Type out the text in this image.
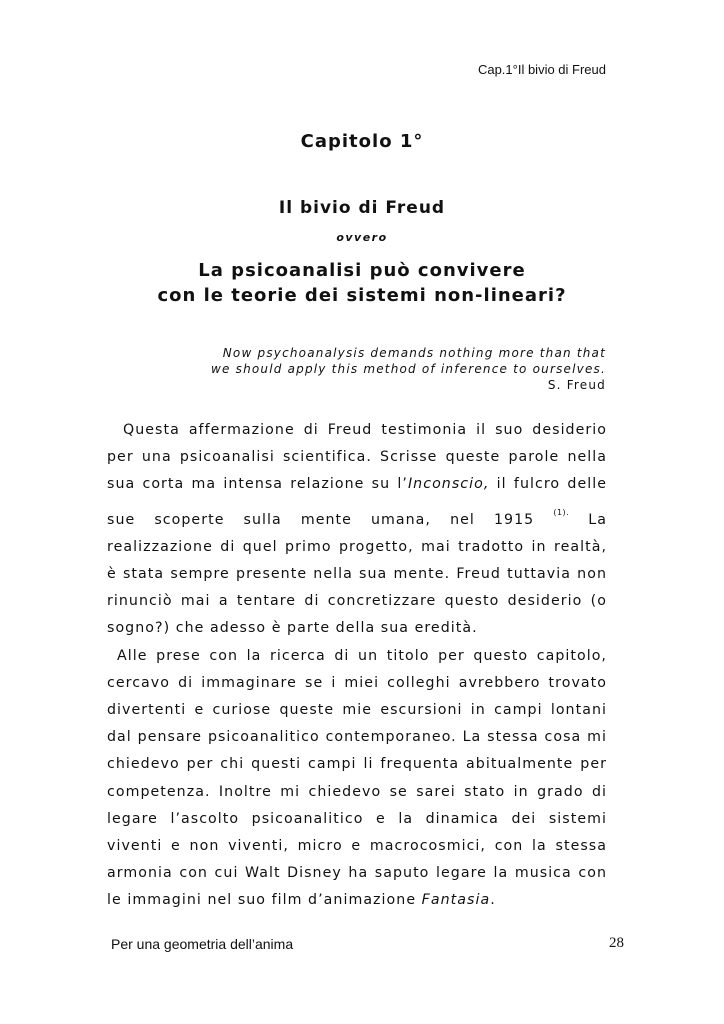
Cap.1°Il bivio di Freud
Capitolo 1°
Il bivio di Freud
ovvero
La psicoanalisi può convivere
con le teorie dei sistemi non-lineari?
Now psychoanalysis demands nothing more than that
we should apply this method of inference to ourselves.
S. Freud

Questa affermazione di Freud testimonia il suo desiderio per una psicoanalisi scientifica. Scrisse queste parole nella sua corta ma intensa relazione su l’Inconscio, il fulcro delle sue scoperte sulla mente umana, nel 1915 $^{(1).}$ La realizzazione di quel primo progetto, mai tradotto in realtà, è stata sempre presente nella sua mente. Freud tuttavia non rinunciò mai a tentare di concretizzare questo desiderio (o sogno?) che adesso è parte della sua eredità.

Alle prese con la ricerca di un titolo per questo capitolo, cercavo di immaginare se i miei colleghi avrebbero trovato divertenti e curiose queste mie escursioni in campi lontani dal pensare psicoanalitico contemporaneo. La stessa cosa mi chiedevo per chi questi campi li frequenta abitualmente per competenza. Inoltre mi chiedevo se sarei stato in grado di legare l’ascolto psicoanalitico e la dinamica dei sistemi viventi e non viventi, micro e macrocosmici, con la stessa armonia con cui Walt Disney ha saputo legare la musica con le immagini nel suo film d’animazione Fantasia.

Per una geometria dell’anima	28
